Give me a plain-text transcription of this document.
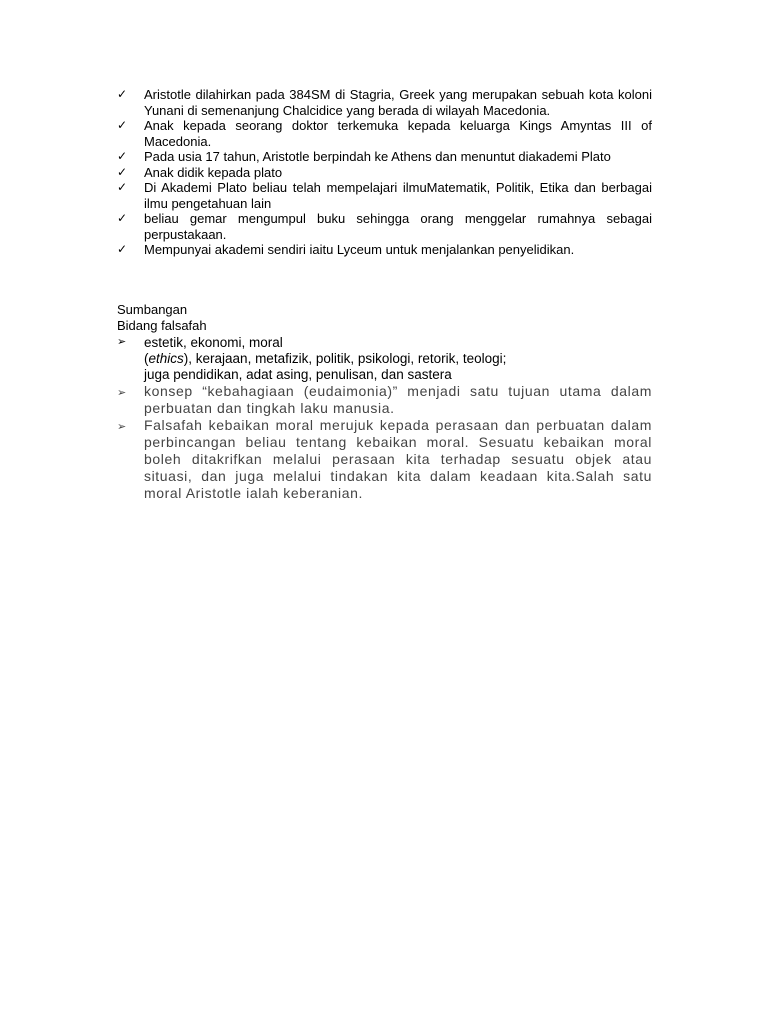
✓ Aristotle dilahirkan pada 384SM di Stagria, Greek yang merupakan sebuah kota koloni Yunani di semenanjung Chalcidice yang berada di wilayah Macedonia.
✓ Anak kepada seorang doktor terkemuka kepada keluarga Kings Amyntas III of Macedonia.
✓ Pada usia 17 tahun, Aristotle berpindah ke Athens dan menuntut diakademi Plato
✓ Anak didik kepada plato
✓ Di Akademi Plato beliau telah mempelajari ilmuMatematik, Politik, Etika dan berbagai ilmu pengetahuan lain
✓ beliau gemar mengumpul buku sehingga orang menggelar rumahnya sebagai perpustakaan.
✓ Mempunyai akademi sendiri iaitu Lyceum untuk menjalankan penyelidikan.
Sumbangan
Bidang falsafah
➢ estetik, ekonomi, moral
(ethics), kerajaan, metafizik, politik, psikologi, retorik, teologi;
juga pendidikan, adat asing, penulisan, dan sastera
➢ konsep “kebahagiaan (eudaimonia)” menjadi satu tujuan utama dalam perbuatan dan tingkah laku manusia.
➢ Falsafah kebaikan moral merujuk kepada perasaan dan perbuatan dalam perbincangan beliau tentang kebaikan moral. Sesuatu kebaikan moral boleh ditakrifkan melalui perasaan kita terhadap sesuatu objek atau situasi, dan juga melalui tindakan kita dalam keadaan kita.Salah satu moral Aristotle ialah keberanian.
